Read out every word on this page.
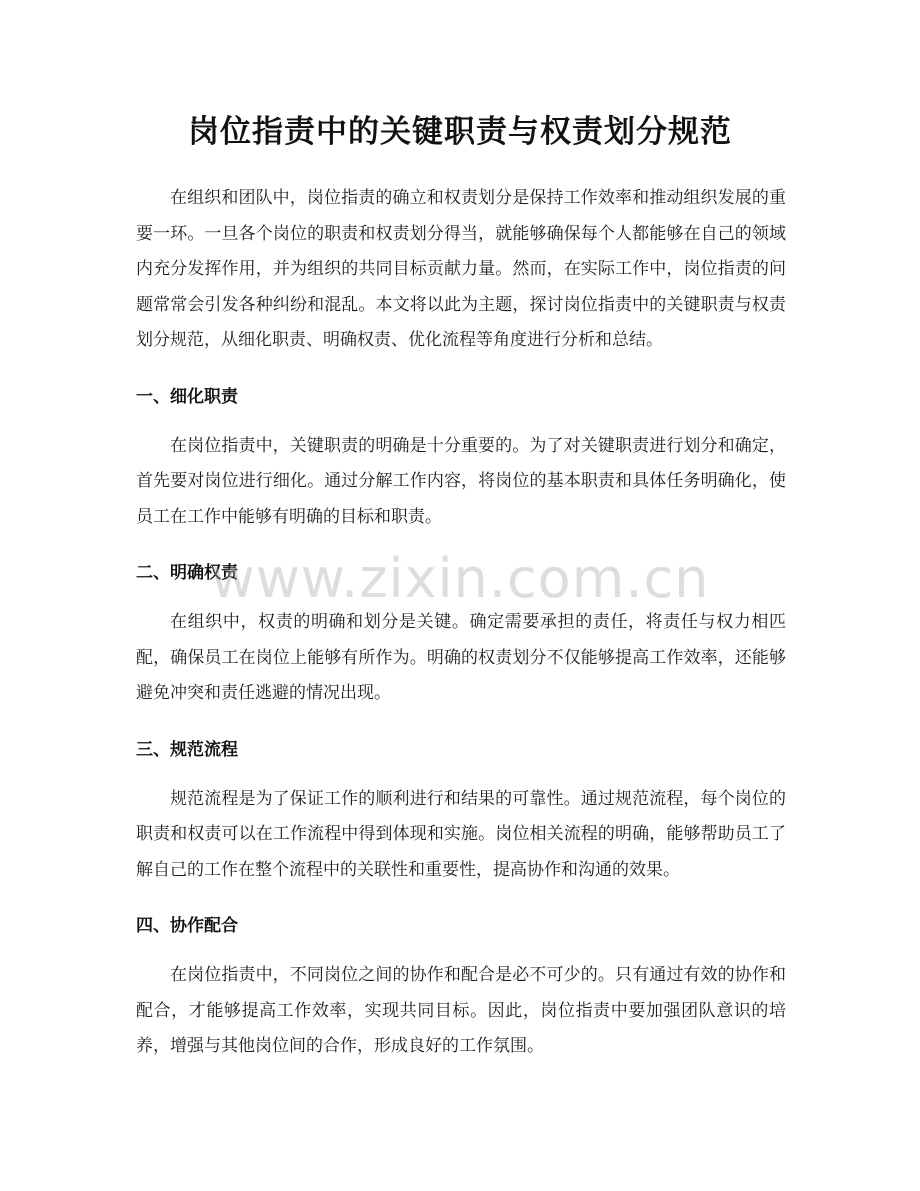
岗位指责中的关键职责与权责划分规范

在组织和团队中，岗位指责的确立和权责划分是保持工作效率和推动组织发展的重要一环。一旦各个岗位的职责和权责划分得当，就能够确保每个人都能够在自己的领域内充分发挥作用，并为组织的共同目标贡献力量。然而，在实际工作中，岗位指责的问题常常会引发各种纠纷和混乱。本文将以此为主题，探讨岗位指责中的关键职责与权责划分规范，从细化职责、明确权责、优化流程等角度进行分析和总结。

一、细化职责

在岗位指责中，关键职责的明确是十分重要的。为了对关键职责进行划分和确定，首先要对岗位进行细化。通过分解工作内容，将岗位的基本职责和具体任务明确化，使员工在工作中能够有明确的目标和职责。

二、明确权责

在组织中，权责的明确和划分是关键。确定需要承担的责任，将责任与权力相匹配，确保员工在岗位上能够有所作为。明确的权责划分不仅能够提高工作效率，还能够避免冲突和责任逃避的情况出现。

三、规范流程

规范流程是为了保证工作的顺利进行和结果的可靠性。通过规范流程，每个岗位的职责和权责可以在工作流程中得到体现和实施。岗位相关流程的明确，能够帮助员工了解自己的工作在整个流程中的关联性和重要性，提高协作和沟通的效果。

四、协作配合

在岗位指责中，不同岗位之间的协作和配合是必不可少的。只有通过有效的协作和配合，才能够提高工作效率，实现共同目标。因此，岗位指责中要加强团队意识的培养，增强与其他岗位间的合作，形成良好的工作氛围。

www.zixin.com.cn
